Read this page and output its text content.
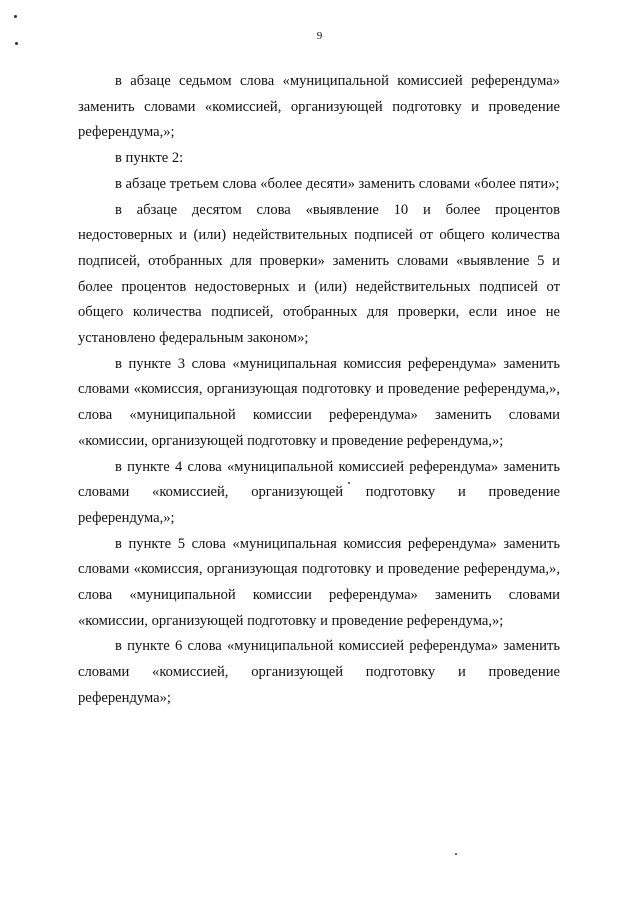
9

в абзаце седьмом слова «муниципальной комиссией референдума» заменить словами «комиссией, организующей подготовку и проведение референдума,»;

в пункте 2:

в абзаце третьем слова «более десяти» заменить словами «более пяти»;

в абзаце десятом слова «выявление 10 и более процентов недостоверных и (или) недействительных подписей от общего количества подписей, отобранных для проверки» заменить словами «выявление 5 и более процентов недостоверных и (или) недействительных подписей от общего количества подписей, отобранных для проверки, если иное не установлено федеральным законом»;

в пункте 3 слова «муниципальная комиссия референдума» заменить словами «комиссия, организующая подготовку и проведение референдума,», слова «муниципальной комиссии референдума» заменить словами «комиссии, организующей подготовку и проведение референдума,»;

в пункте 4 слова «муниципальной комиссией референдума» заменить словами «комиссией, организующей подготовку и проведение референдума,»;

в пункте 5 слова «муниципальная комиссия референдума» заменить словами «комиссия, организующая подготовку и проведение референдума,», слова «муниципальной комиссии референдума» заменить словами «комиссии, организующей подготовку и проведение референдума,»;

в пункте 6 слова «муниципальной комиссией референдума» заменить словами «комиссией, организующей подготовку и проведение референдума»;
